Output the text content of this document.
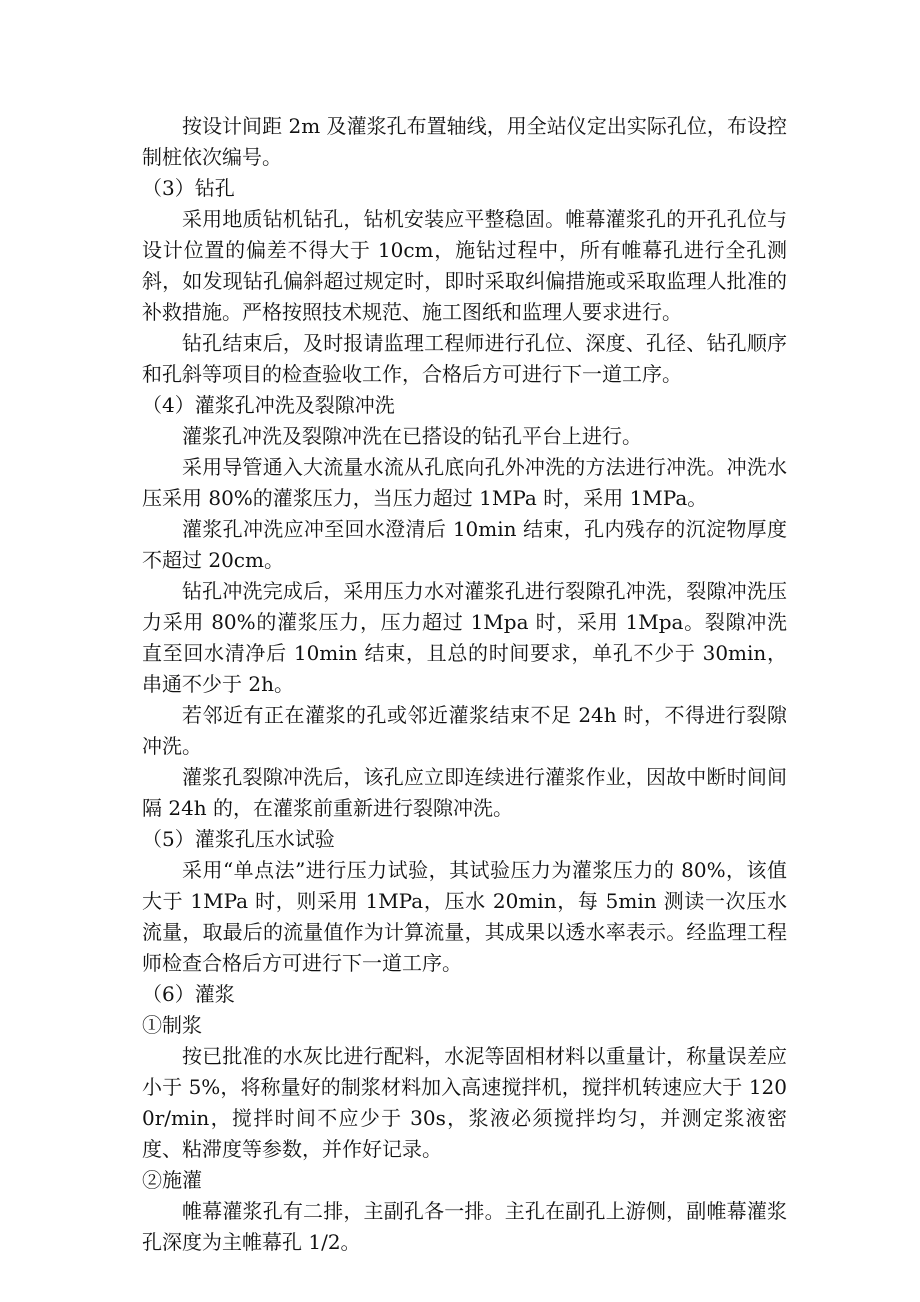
按设计间距 2m 及灌浆孔布置轴线，用全站仪定出实际孔位，布设控制桩依次编号。

（3）钻孔

采用地质钻机钻孔，钻机安装应平整稳固。帷幕灌浆孔的开孔孔位与设计位置的偏差不得大于 10cm，施钻过程中，所有帷幕孔进行全孔测斜，如发现钻孔偏斜超过规定时，即时采取纠偏措施或采取监理人批准的补救措施。严格按照技术规范、施工图纸和监理人要求进行。

钻孔结束后，及时报请监理工程师进行孔位、深度、孔径、钻孔顺序和孔斜等项目的检查验收工作，合格后方可进行下一道工序。

（4）灌浆孔冲洗及裂隙冲洗

灌浆孔冲洗及裂隙冲洗在已搭设的钻孔平台上进行。

采用导管通入大流量水流从孔底向孔外冲洗的方法进行冲洗。冲洗水压采用 80%的灌浆压力，当压力超过 1MPa 时，采用 1MPa。

灌浆孔冲洗应冲至回水澄清后 10min 结束，孔内残存的沉淀物厚度不超过 20cm。

钻孔冲洗完成后，采用压力水对灌浆孔进行裂隙孔冲洗，裂隙冲洗压力采用 80%的灌浆压力，压力超过 1Mpa 时，采用 1Mpa。裂隙冲洗直至回水清净后 10min 结束，且总的时间要求，单孔不少于 30min，串通不少于 2h。

若邻近有正在灌浆的孔或邻近灌浆结束不足 24h 时，不得进行裂隙冲洗。

灌浆孔裂隙冲洗后，该孔应立即连续进行灌浆作业，因故中断时间间隔 24h 的，在灌浆前重新进行裂隙冲洗。

（5）灌浆孔压水试验

采用“单点法”进行压力试验，其试验压力为灌浆压力的 80%，该值大于 1MPa 时，则采用 1MPa，压水 20min，每 5min 测读一次压水流量，取最后的流量值作为计算流量，其成果以透水率表示。经监理工程师检查合格后方可进行下一道工序。

（6）灌浆

①制浆

按已批准的水灰比进行配料，水泥等固相材料以重量计，称量误差应小于 5%，将称量好的制浆材料加入高速搅拌机，搅拌机转速应大于 1200r/min，搅拌时间不应少于 30s，浆液必须搅拌均匀，并测定浆液密度、粘滞度等参数，并作好记录。

②施灌

帷幕灌浆孔有二排，主副孔各一排。主孔在副孔上游侧，副帷幕灌浆孔深度为主帷幕孔 1/2。
